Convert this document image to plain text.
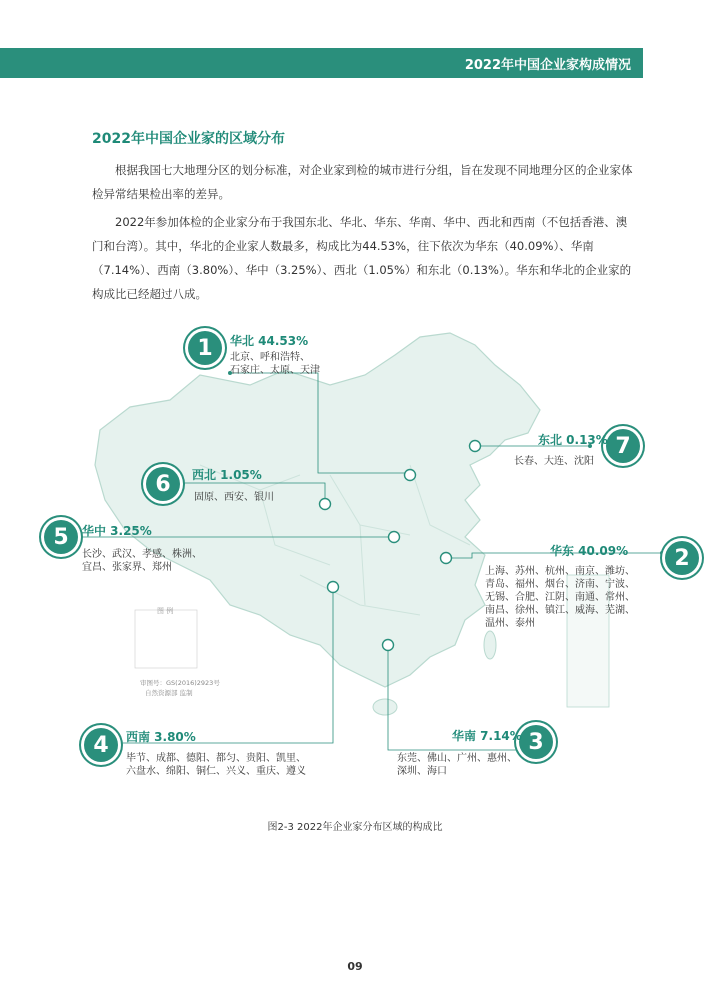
2022年中国企业家构成情况
2022年中国企业家的区域分布
根据我国七大地理分区的划分标准，对企业家到检的城市进行分组，旨在发现不同地理分区的企业家体检异常结果检出率的差异。
2022年参加体检的企业家分布于我国东北、华北、华东、华南、华中、西北和西南（不包括香港、澳门和台湾）。其中，华北的企业家人数最多，构成比为44.53%，往下依次为华东（40.09%）、华南（7.14%）、西南（3.80%）、华中（3.25%）、西北（1.05%）和东北（0.13%）。华东和华北的企业家的构成比已经超过八成。
1	华北 44.53%
北京、呼和浩特、
石家庄、太原、天津
7
东北 0.13%
长春、大连、沈阳
6	西北 1.05%
固原、西安、银川
5	华中 3.25%
长沙、武汉、孝感、株洲、
宜昌、张家界、郑州	2
华东 40.09%
上海、苏州、杭州、南京、潍坊、
青岛、福州、烟台、济南、宁波、
无锡、合肥、江阴、南通、常州、
南昌、徐州、镇江、威海、芜湖、
温州、泰州
图 例
审图号：GS(2016)2923号
自然资源部 监制
4	西南 3.80%
毕节、成都、德阳、都匀、贵阳、凯里、
六盘水、绵阳、铜仁、兴义、重庆、遵义
3
华南 7.14%
东莞、佛山、广州、惠州、
深圳、海口
图2-3 2022年企业家分布区域的构成比
09
